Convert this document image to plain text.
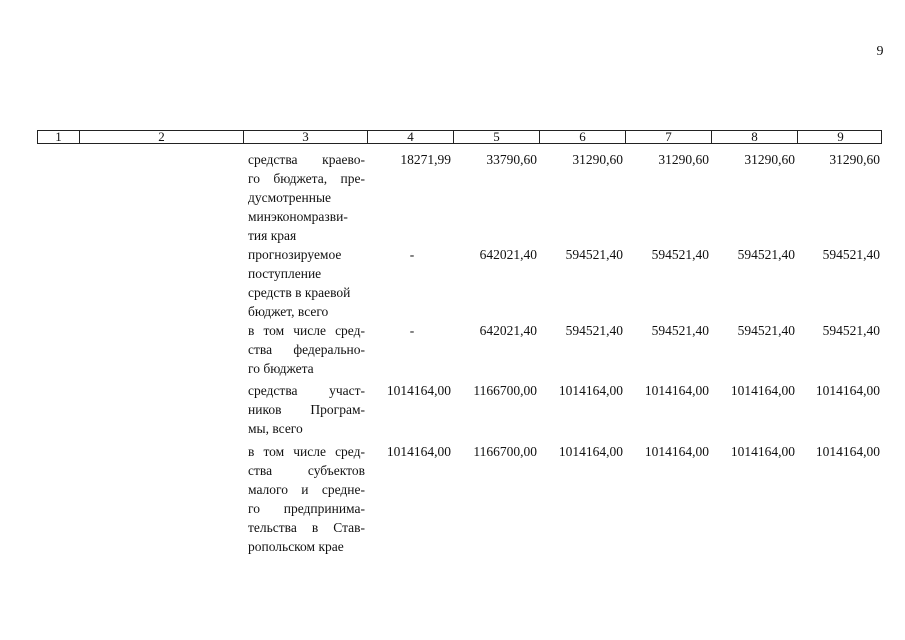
9
1	2	3	4	5	6	7	8	9
средства краево-
го бюджета, пре-
дусмотренные
минэкономразви-
тия края
18271,99	33790,60	31290,60	31290,60	31290,60	31290,60
прогнозируемое
поступление
средств в краевой
бюджет, всего
-	642021,40	594521,40	594521,40	594521,40	594521,40
в том числе сред-
ства федерально-
го бюджета
-	642021,40	594521,40	594521,40	594521,40	594521,40
средства участ-
ников Програм-
мы, всего
1014164,00	1166700,00	1014164,00	1014164,00	1014164,00	1014164,00
в том числе сред-
ства субъектов
малого и средне-
го предпринима-
тельства в Став-
ропольском крае
1014164,00	1166700,00	1014164,00	1014164,00	1014164,00	1014164,00
